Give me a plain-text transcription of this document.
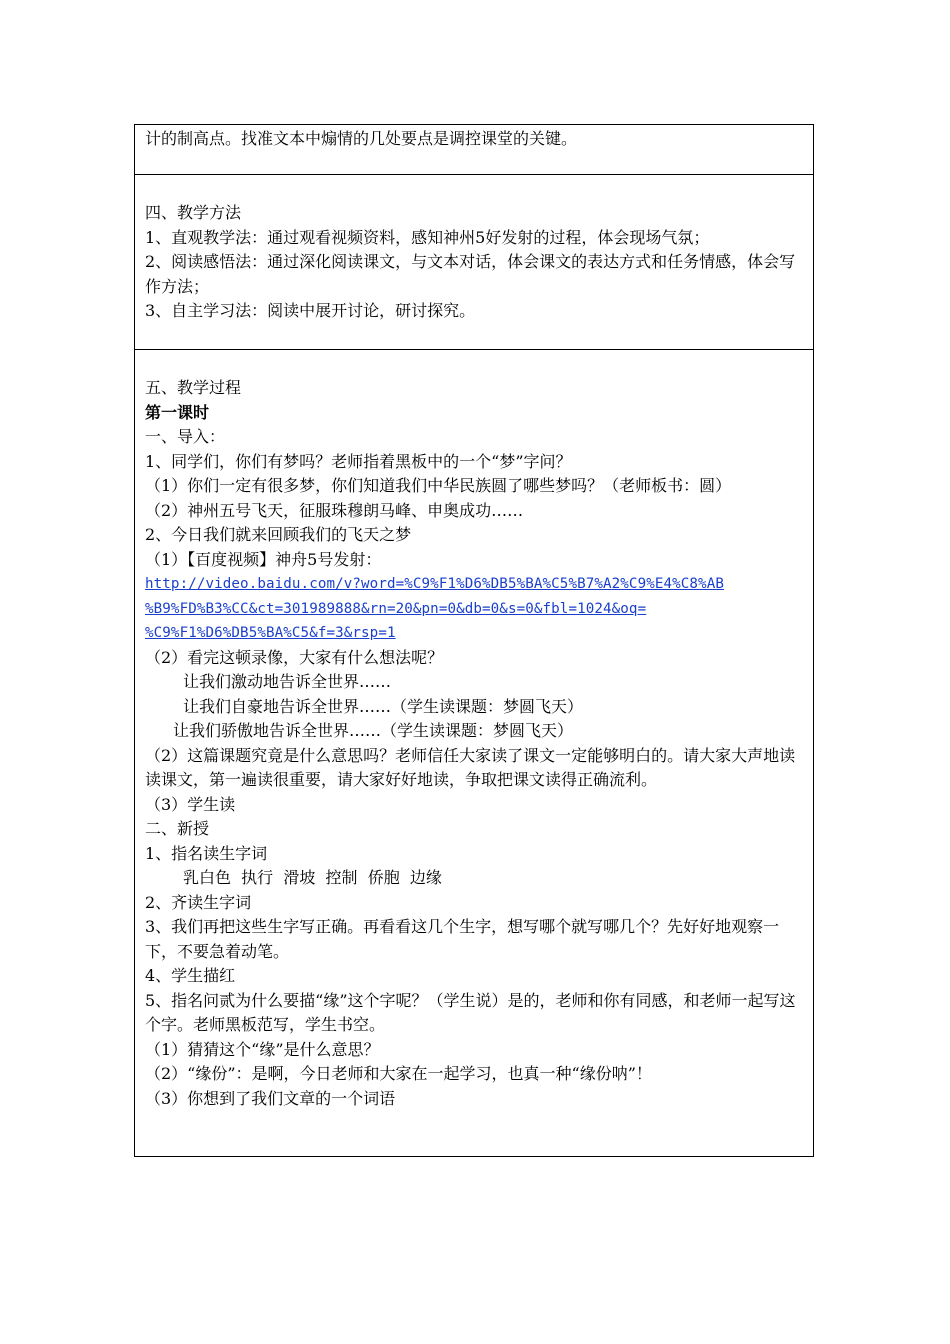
计的制高点。找准文本中煽情的几处要点是调控课堂的关键。

四、教学方法
1、直观教学法：通过观看视频资料，感知神州5好发射的过程，体会现场气氛；
2、阅读感悟法：通过深化阅读课文，与文本对话，体会课文的表达方式和任务情感，体会写作方法；
3、自主学习法：阅读中展开讨论，研讨探究。

五、教学过程
第一课时
一、导入：
1、同学们，你们有梦吗？老师指着黑板中的一个“梦”字问？
（1）你们一定有很多梦，你们知道我们中华民族圆了哪些梦吗？（老师板书：圆）
（2）神州五号飞天，征服珠穆朗马峰、申奥成功……
2、今日我们就来回顾我们的飞天之梦
（1）【百度视频】神舟5号发射：
http://video.baidu.com/v?word=%C9%F1%D6%DB5%BA%C5%B7%A2%C9%E4%C8%AB
%B9%FD%B3%CC&ct=301989888&rn=20&pn=0&db=0&s=0&fbl=1024&oq=
%C9%F1%D6%DB5%BA%C5&f=3&rsp=1
（2）看完这顿录像，大家有什么想法呢？
让我们激动地告诉全世界……
让我们自豪地告诉全世界……（学生读课题：梦圆飞天）
让我们骄傲地告诉全世界……（学生读课题：梦圆飞天）
（2）这篇课题究竟是什么意思吗？老师信任大家读了课文一定能够明白的。请大家大声地读读课文，第一遍读很重要，请大家好好地读，争取把课文读得正确流利。
（3）学生读
二、新授
1、指名读生字词
乳白色  执行  滑坡  控制  侨胞  边缘
2、齐读生字词
3、我们再把这些生字写正确。再看看这几个生字，想写哪个就写哪几个？先好好地观察一下，不要急着动笔。
4、学生描红
5、指名问贰为什么要描“缘”这个字呢？（学生说）是的，老师和你有同感，和老师一起写这个字。老师黑板范写，学生书空。
（1）猜猜这个“缘”是什么意思？
（2）“缘份”：是啊，今日老师和大家在一起学习，也真一种“缘份呐”！
（3）你想到了我们文章的一个词语
